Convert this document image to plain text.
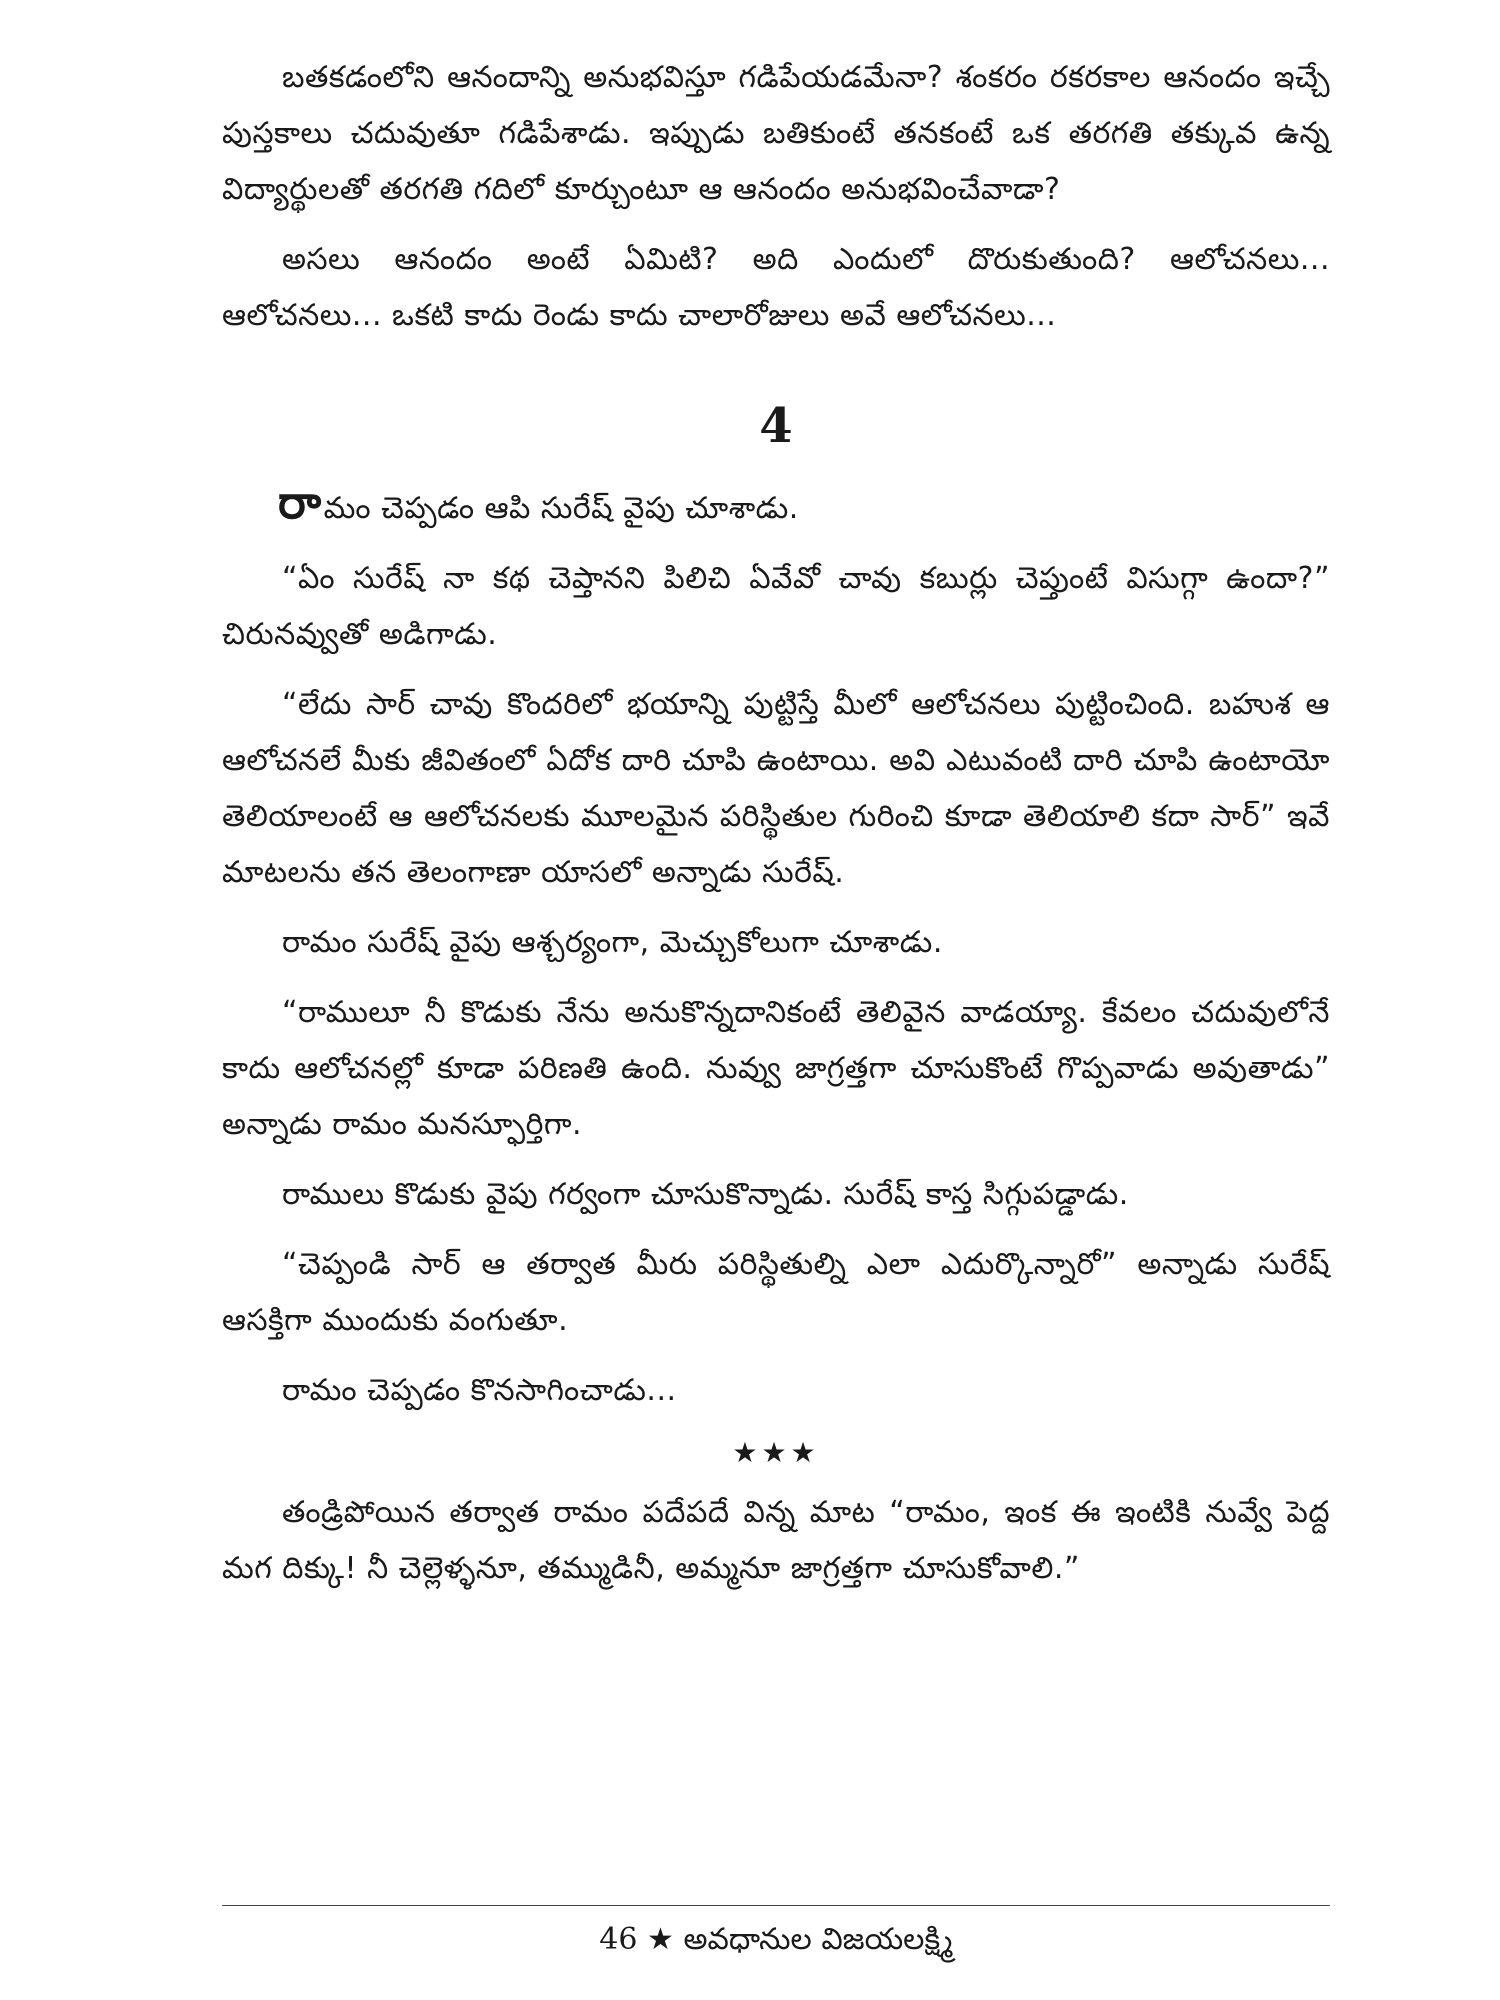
బతకడంలోని ఆనందాన్ని అనుభవిస్తూ గడిపేయడమేనా? శంకరం రకరకాల ఆనందం ఇచ్చే పుస్తకాలు చదువుతూ గడిపేశాడు. ఇప్పుడు బతికుంటే తనకంటే ఒక తరగతి తక్కువ ఉన్న విద్యార్థులతో తరగతి గదిలో కూర్చుంటూ ఆ ఆనందం అనుభవించేవాడా?

అసలు ఆనందం అంటే ఏమిటి? అది ఎందులో దొరుకుతుంది? ఆలోచనలు... ఆలోచనలు... ఒకటి కాదు రెండు కాదు చాలారోజులు అవే ఆలోచనలు...

4

రామం చెప్పడం ఆపి సురేష్ వైపు చూశాడు.

“ఏం సురేష్ నా కథ చెప్తానని పిలిచి ఏవేవో చావు కబుర్లు చెప్తుంటే విసుగ్గా ఉందా?” చిరునవ్వుతో అడిగాడు.

“లేదు సార్ చావు కొందరిలో భయాన్ని పుట్టిస్తే మీలో ఆలోచనలు పుట్టించింది. బహుశ ఆ ఆలోచనలే మీకు జీవితంలో ఏదోక దారి చూపి ఉంటాయి. అవి ఎటువంటి దారి చూపి ఉంటాయో తెలియాలంటే ఆ ఆలోచనలకు మూలమైన పరిస్థితుల గురించి కూడా తెలియాలి కదా సార్” ఇవే మాటలను తన తెలంగాణా యాసలో అన్నాడు సురేష్.

రామం సురేష్ వైపు ఆశ్చర్యంగా, మెచ్చుకోలుగా చూశాడు.

“రాములూ నీ కొడుకు నేను అనుకొన్నదానికంటే తెలివైన వాడయ్యా. కేవలం చదువులోనే కాదు ఆలోచనల్లో కూడా పరిణతి ఉంది. నువ్వు జాగ్రత్తగా చూసుకొంటే గొప్పవాడు అవుతాడు” అన్నాడు రామం మనస్ఫూర్తిగా.

రాములు కొడుకు వైపు గర్వంగా చూసుకొన్నాడు. సురేష్ కాస్త సిగ్గుపడ్డాడు.

“చెప్పండి సార్ ఆ తర్వాత మీరు పరిస్థితుల్ని ఎలా ఎదుర్కొన్నారో” అన్నాడు సురేష్ ఆసక్తిగా ముందుకు వంగుతూ.

రామం చెప్పడం కొనసాగించాడు...

★★★

తండ్రిపోయిన తర్వాత రామం పదేపదే విన్న మాట “రామం, ఇంక ఈ ఇంటికి నువ్వే పెద్ద మగ దిక్కు! నీ చెల్లెళ్ళనూ, తమ్ముడినీ, అమ్మనూ జాగ్రత్తగా చూసుకోవాలి.”

46 ★ అవధానుల విజయలక్ష్మి
